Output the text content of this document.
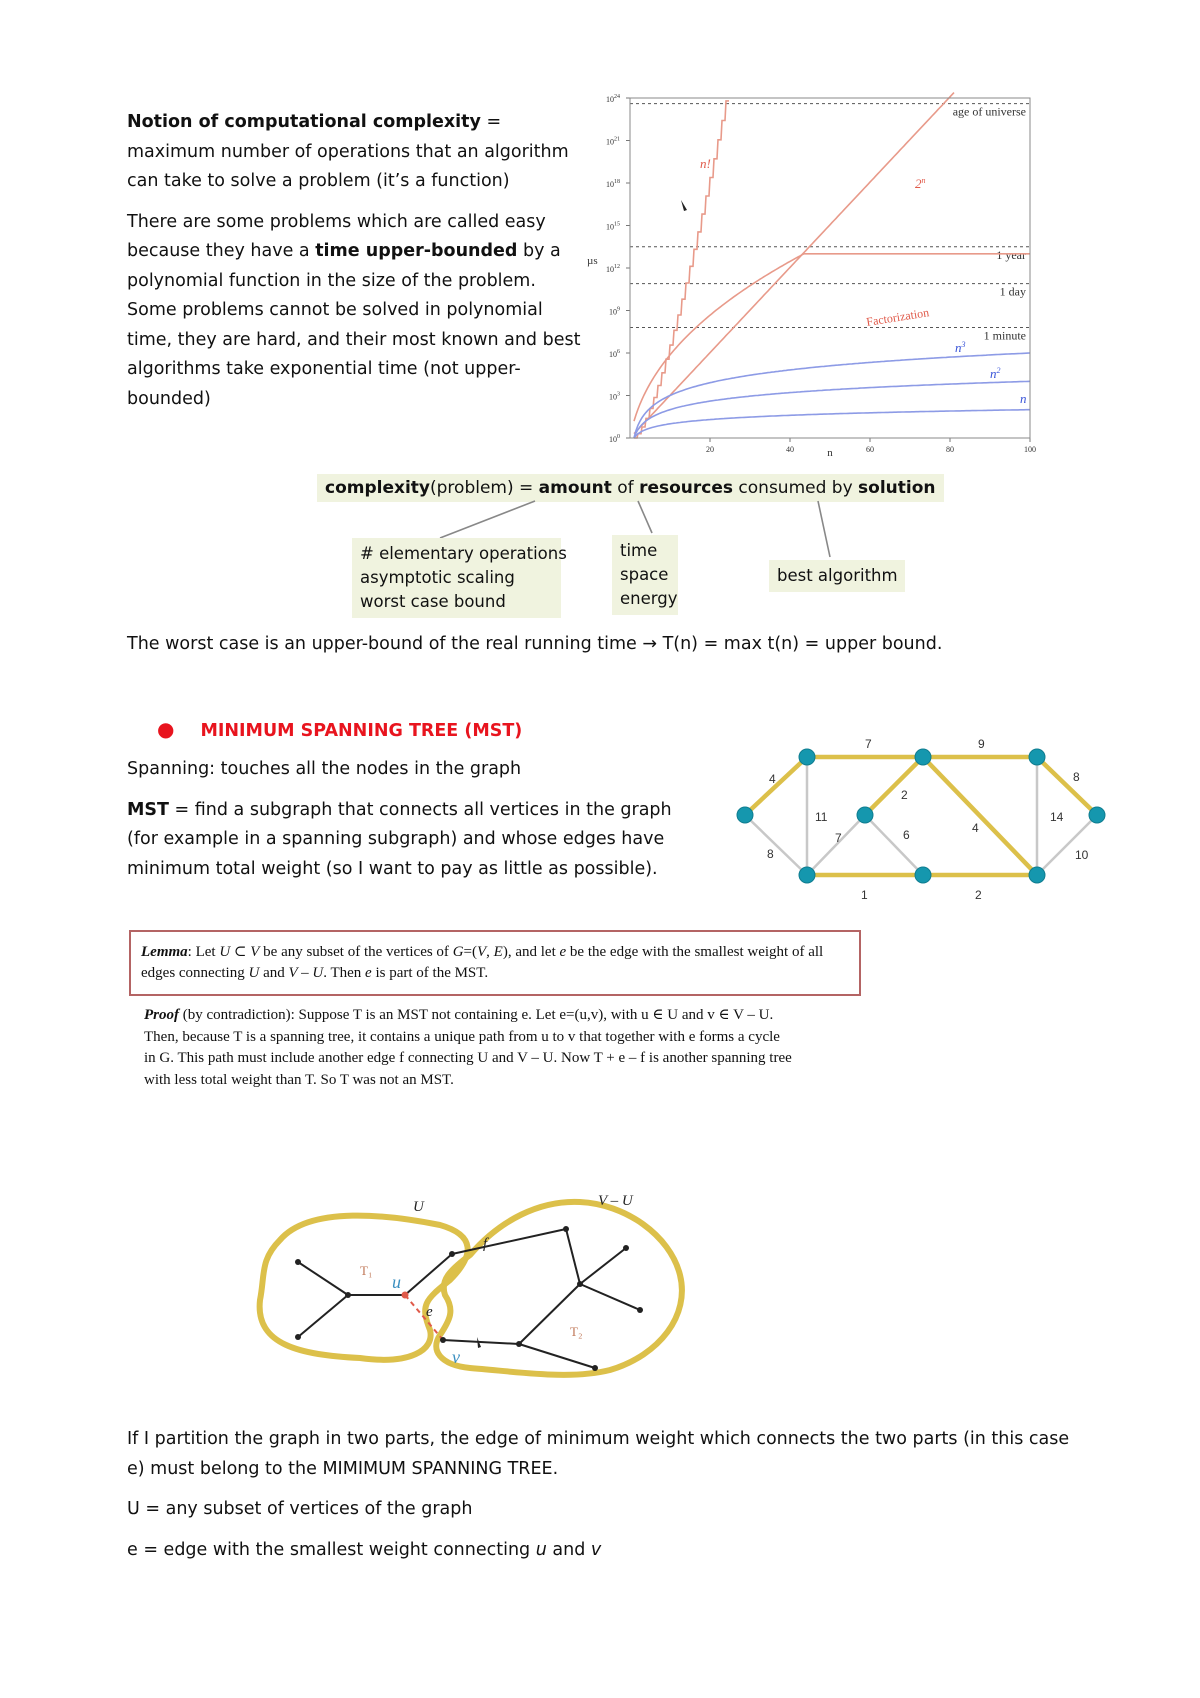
Notion of computational complexity = maximum number of operations that an algorithm can take to solve a problem (it’s a function)

There are some problems which are called easy because they have a time upper-bounded by a polynomial function in the size of the problem. Some problems cannot be solved in polynomial time, they are hard, and their most known and best algorithms take exponential time (not upper-bounded)

age of universe
1 year
1 day
1 minute
$10^0$
$10^3$
$10^6$
$10^9$
$10^{12}$
$10^{15}$
$10^{18}$
$10^{21}$
$10^{24}$
20	40	60	80	100
µs
n
n!
2$^n$
Factorization
$n^3$
$n^2$
n
complexity(problem) = amount of resources consumed by solution
# elementary operations
asymptotic scaling
worst case bound
time
space
energy
best algorithm
The worst case is an upper-bound of the real running time → T(n) = max t(n) = upper bound.
● MINIMUM SPANNING TREE (MST)

Spanning: touches all the nodes in the graph

MST = find a subgraph that connects all vertices in the graph (for example in a spanning subgraph) and whose edges have minimum total weight (so I want to pay as little as possible).

4
8
7	9
11
2
14
7	6	4
10
8
1	2
Lemma: Let U ⊂ V be any subset of the vertices of G=(V, E), and let e be the edge with the smallest weight of all edges connecting U and V – U. Then e is part of the MST.
Proof (by contradiction): Suppose T is an MST not containing e. Let e=(u,v), with u ∈ U and v ∈ V – U. Then, because T is a spanning tree, it contains a unique path from u to v that together with e forms a cycle in G. This path must include another edge f connecting U and V – U. Now T + e – f is another spanning tree with less total weight than T. So T was not an MST.
U	V – U
f
u
e
v
T₁
T₂

If I partition the graph in two parts, the edge of minimum weight which connects the two parts (in this case e) must belong to the MIMIMUM SPANNING TREE.

U = any subset of vertices of the graph

e = edge with the smallest weight connecting u and v
